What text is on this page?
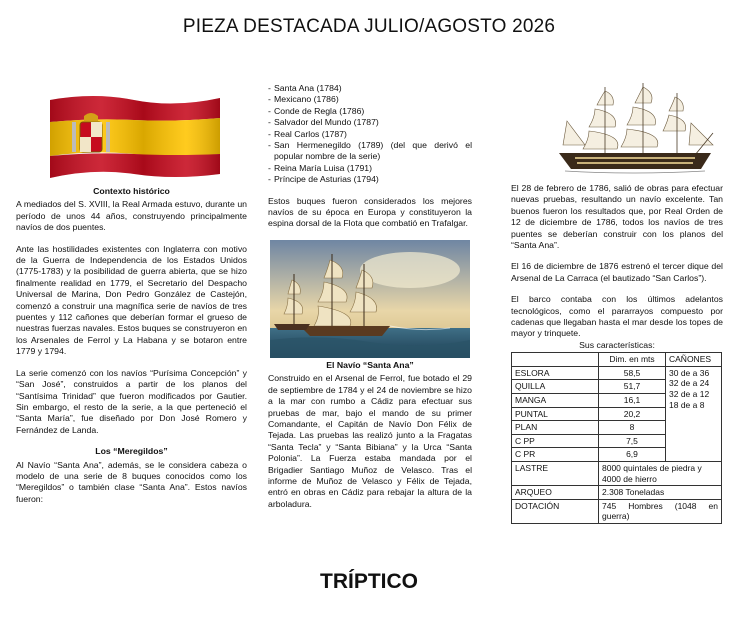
PIEZA DESTACADA JULIO/AGOSTO 2026
Contexto histórico

A mediados del S. XVIII, la Real Armada estuvo, durante un período de unos 44 años, construyendo principalmente navíos de dos puentes.

Ante las hostilidades existentes con Inglaterra con motivo de la Guerra de Independencia de los Estados Unidos (1775-1783) y la posibilidad de guerra abierta, que se hizo finalmente realidad en 1779, el Secretario del Despacho Universal de Marina, Don Pedro González de Castejón, comenzó a construir una magnífica serie de navíos de tres puentes y 112 cañones que deberían formar el grueso de nuestras fuerzas navales. Estos buques se construyeron en los Arsenales de Ferrol y La Habana y se botaron entre 1779 y 1794.

La serie comenzó con los navíos “Purísima Concepción” y “San José”, construidos a partir de los planos del “Santísima Trinidad” que fueron modificados por Gautier. Sin embargo, el resto de la serie, a la que perteneció el “Santa María”, fue diseñado por Don José Romero y Fernández de Landa.

Los “Meregildos”

Al Navío “Santa Ana”, además, se le considera cabeza o modelo de una serie de 8 buques conocidos como los “Meregildos” o también clase “Santa Ana”. Estos navíos fueron:

- Santa Ana (1784)
- Mexicano (1786)
- Conde de Regla (1786)
- Salvador del Mundo (1787)
- Real Carlos (1787)
- San Hermenegildo (1789) (del que derivó el popular nombre de la serie)
- Reina María Luisa (1791)
- Príncipe de Asturias (1794)

Estos buques fueron considerados los mejores navíos de su época en Europa y constituyeron la espina dorsal de la Flota que combatió en Trafalgar.

El Navío “Santa Ana”

Construido en el Arsenal de Ferrol, fue botado el 29 de septiembre de 1784 y el 24 de noviembre se hizo a la mar con rumbo a Cádiz para efectuar sus pruebas de mar, bajo el mando de su primer Comandante, el Capitán de Navío Don Félix de Tejada. Las pruebas las realizó junto a la Fragatas “Santa Tecla” y “Santa Bibiana” y la Urca “Santa Polonia”. La Fuerza estaba mandada por el Brigadier Santiago Muñoz de Velasco. Tras el informe de Muñoz de Velasco y Félix de Tejada, entró en obras en Cádiz para rebajar la altura de la arboladura.

El 28 de febrero de 1786, salió de obras para efectuar nuevas pruebas, resultando un navío excelente. Tan buenos fueron los resultados que, por Real Orden de 12 de diciembre de 1786, todos los navíos de tres puentes se deberían construir con los planos del “Santa Ana”.

El 16 de diciembre de 1876 estrenó el tercer dique del Arsenal de La Carraca (el bautizado “San Carlos”).

El barco contaba con los últimos adelantos tecnológicos, como el pararrayos compuesto por cadenas que llegaban hasta el mar desde los topes de mayor y trinquete.

Sus características:
	Dim. en mts	CAÑONES
ESLORA	58,5	30 de a 36
32 de a 24
32 de a 12
18 de a 8

QUILLA	51,7	
MANGA	16,1	
PUNTAL	20,2	
PLAN	8	
C PP	7,5	
C PR	6,9	
LASTRE	8000 quintales de piedra y 4000 de hierro	
ARQUEO	2.308 Toneladas	
DOTACIÓN	745 Hombres (1048 en guerra)	
TRÍPTICO
